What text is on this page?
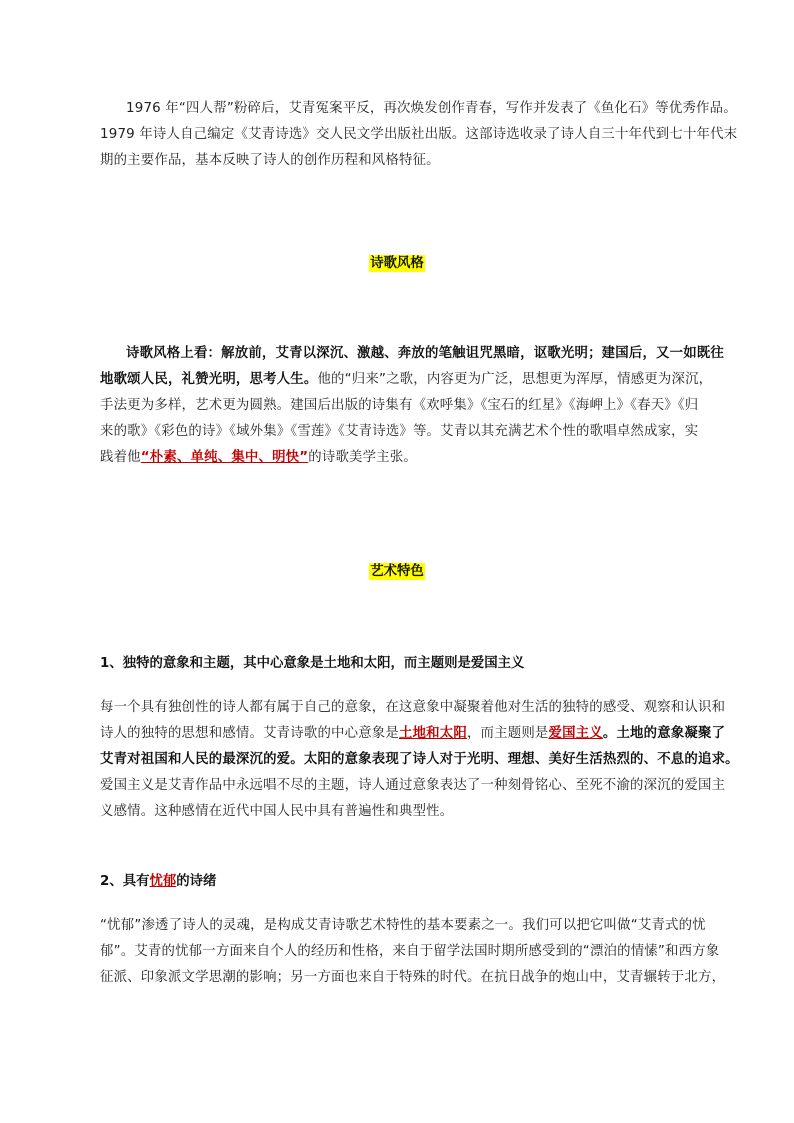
1976 年“四人帮”粉碎后，艾青冤案平反，再次焕发创作青春，写作并发表了《鱼化石》等优秀作品。
1979 年诗人自己编定《艾青诗选》交人民文学出版社出版。这部诗选收录了诗人自三十年代到七十年代末
期的主要作品，基本反映了诗人的创作历程和风格特征。
诗歌风格
诗歌风格上看：解放前，艾青以深沉、激越、奔放的笔触诅咒黑暗，讴歌光明；建国后，又一如既往
地歌颂人民，礼赞光明，思考人生。他的“归来”之歌，内容更为广泛，思想更为浑厚，情感更为深沉，
手法更为多样，艺术更为圆熟。建国后出版的诗集有《欢呼集》《宝石的红星》《海岬上》《春天》《归
来的歌》《彩色的诗》《域外集》《雪莲》《艾青诗选》等。艾青以其充满艺术个性的歌唱卓然成家，实
践着他“朴素、单纯、集中、明快”的诗歌美学主张。
艺术特色
1、独特的意象和主题，其中心意象是土地和太阳，而主题则是爱国主义
每一个具有独创性的诗人都有属于自己的意象，在这意象中凝聚着他对生活的独特的感受、观察和认识和
诗人的独特的思想和感情。艾青诗歌的中心意象是土地和太阳，而主题则是爱国主义。土地的意象凝聚了
艾青对祖国和人民的最深沉的爱。太阳的意象表现了诗人对于光明、理想、美好生活热烈的、不息的追求。
爱国主义是艾青作品中永远唱不尽的主题，诗人通过意象表达了一种刻骨铭心、至死不渝的深沉的爱国主
义感情。这种感情在近代中国人民中具有普遍性和典型性。
2、具有忧郁的诗绪
“忧郁”渗透了诗人的灵魂，是构成艾青诗歌艺术特性的基本要素之一。我们可以把它叫做“艾青式的忧
郁”。艾青的忧郁一方面来自个人的经历和性格，来自于留学法国时期所感受到的“漂泊的情愫”和西方象
征派、印象派文学思潮的影响；另一方面也来自于特殊的时代。在抗日战争的炮山中，艾青辗转于北方，
